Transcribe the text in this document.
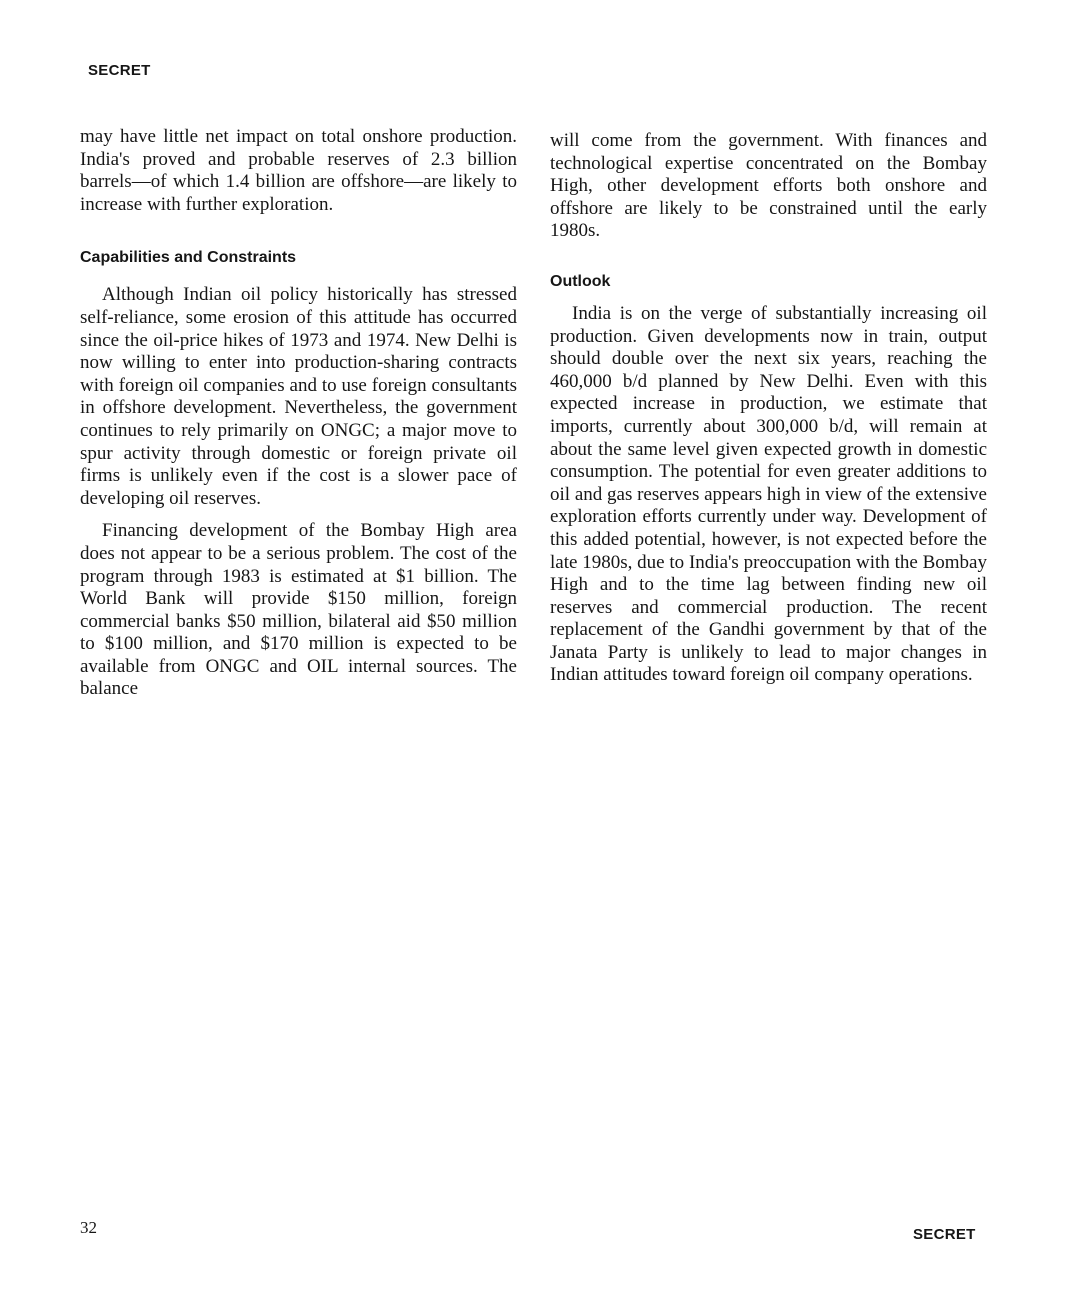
SECRET

may have little net impact on total onshore production. India's proved and probable reserves of 2.3 billion barrels—of which 1.4 billion are offshore—are likely to increase with further exploration.

Capabilities and Constraints

Although Indian oil policy historically has stressed self-reliance, some erosion of this attitude has occurred since the oil-price hikes of 1973 and 1974. New Delhi is now willing to enter into production-sharing contracts with foreign oil companies and to use foreign consultants in offshore development. Nevertheless, the government continues to rely primarily on ONGC; a major move to spur activity through domestic or foreign private oil firms is unlikely even if the cost is a slower pace of developing oil reserves.

Financing development of the Bombay High area does not appear to be a serious problem. The cost of the program through 1983 is estimated at $1 billion. The World Bank will provide $150 million, foreign commercial banks $50 million, bilateral aid $50 million to $100 million, and $170 million is expected to be available from ONGC and OIL internal sources. The balance

will come from the government. With finances and technological expertise concentrated on the Bombay High, other development efforts both onshore and offshore are likely to be constrained until the early 1980s.

Outlook

India is on the verge of substantially increasing oil production. Given developments now in train, output should double over the next six years, reaching the 460,000 b/d planned by New Delhi. Even with this expected increase in production, we estimate that imports, currently about 300,000 b/d, will remain at about the same level given expected growth in domestic consumption. The potential for even greater additions to oil and gas reserves appears high in view of the extensive exploration efforts currently under way. Development of this added potential, however, is not expected before the late 1980s, due to India's preoccupation with the Bombay High and to the time lag between finding new oil reserves and commercial production. The recent replacement of the Gandhi government by that of the Janata Party is unlikely to lead to major changes in Indian attitudes toward foreign oil company operations.

32	SECRET
